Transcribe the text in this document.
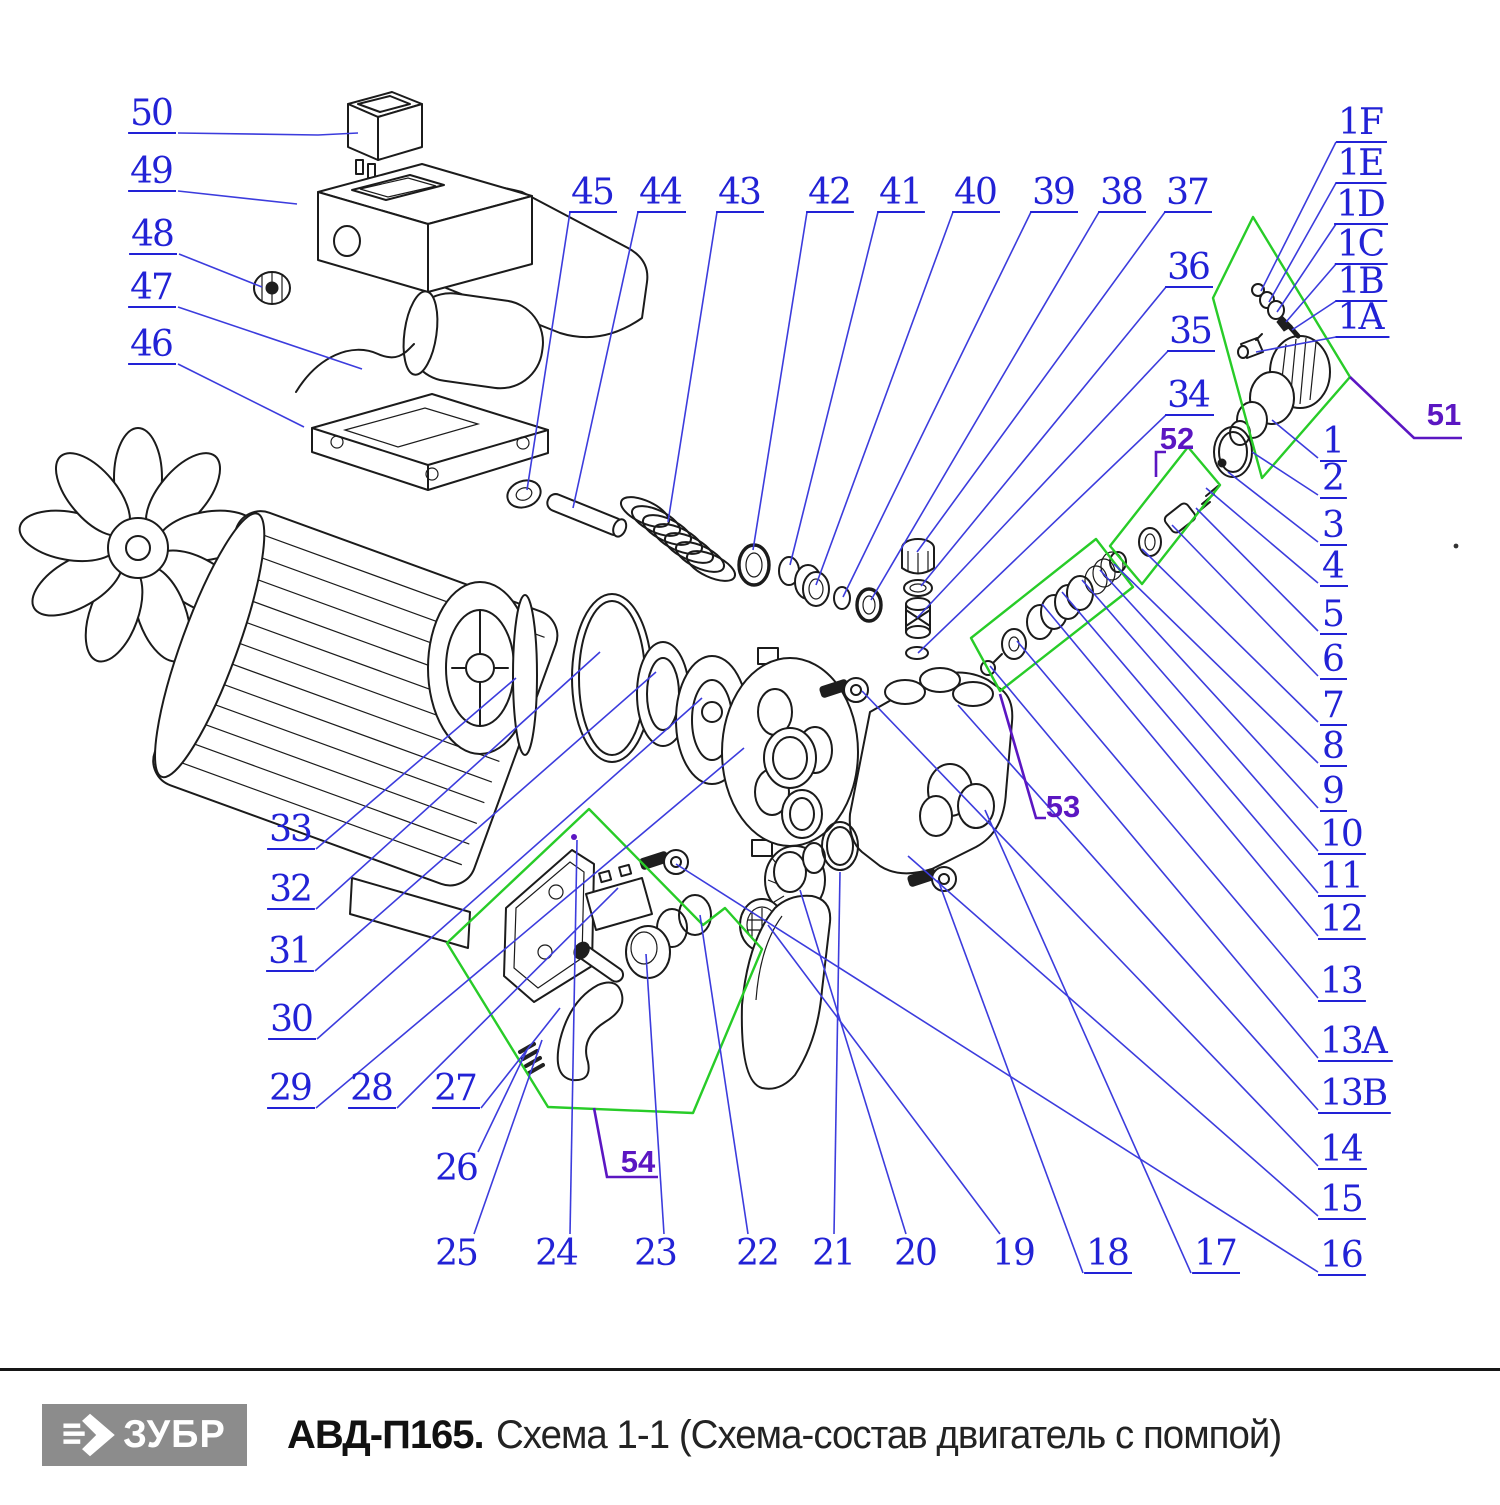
50
49
48
47
46
45 44 43 42 41 40 39 38 37
36
35
34
1F
1E
1D
1C
1B
1A
1
2
3
4
5
6
7
8
9
10
11
12
13
13A
13B
14
15
16
33
32
31
30
29 28 27
26
25 24 23 22 21 20 19 18 17
51
52
53
54
ЗУБР АВД-П165. Схема 1-1 (Схема-состав двигатель с помпой)
